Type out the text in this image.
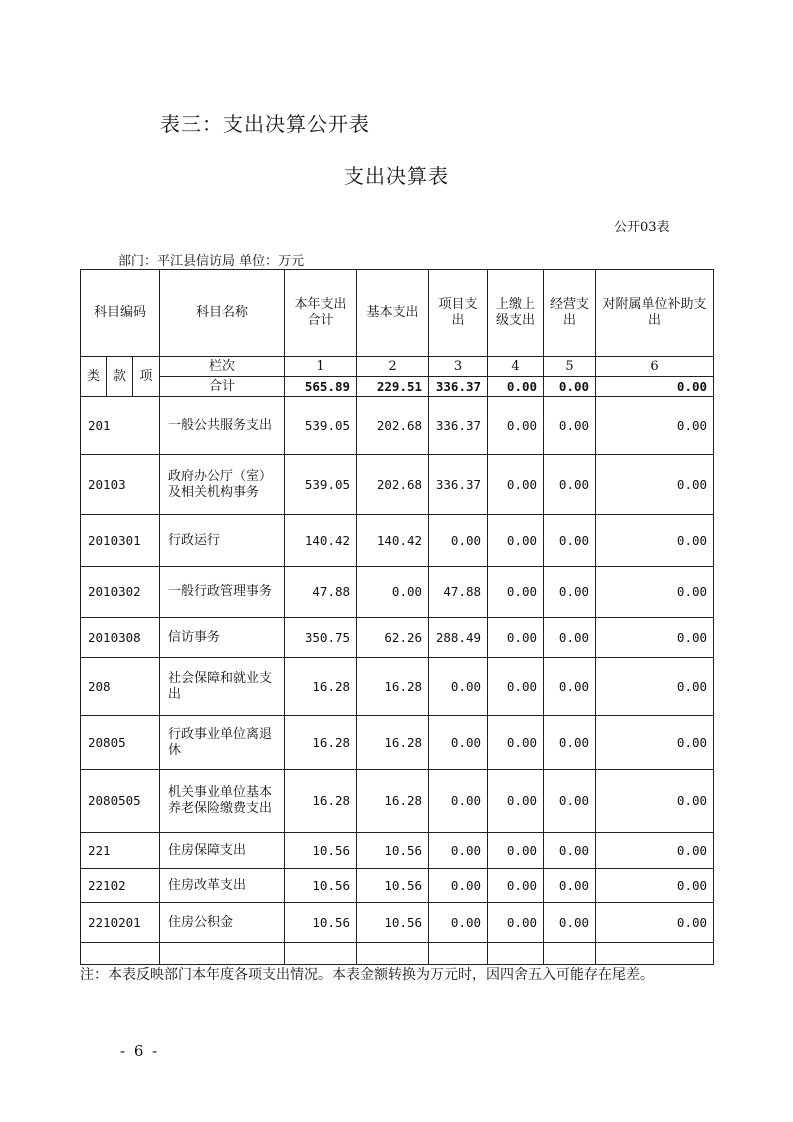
表三：支出决算公开表
支出决算表
公开03表
部门：平江县信访局 单位：万元
科目编码			科目名称	本年支出合计	基本支出	项目支出	上缴上级支出	经营支出	对附属单位补助支出
类	款	项	栏次	1	2	3	4	5	6
			合计	565.89	229.51	336.37	0.00	0.00	0.00
201			一般公共服务支出	539.05	202.68	336.37	0.00	0.00	0.00
20103			政府办公厅（室）及相关机构事务	539.05	202.68	336.37	0.00	0.00	0.00
2010301			行政运行	140.42	140.42	0.00	0.00	0.00	0.00
2010302			一般行政管理事务	47.88	0.00	47.88	0.00	0.00	0.00
2010308			信访事务	350.75	62.26	288.49	0.00	0.00	0.00
208			社会保障和就业支出	16.28	16.28	0.00	0.00	0.00	0.00
20805			行政事业单位离退休	16.28	16.28	0.00	0.00	0.00	0.00
2080505			机关事业单位基本养老保险缴费支出	16.28	16.28	0.00	0.00	0.00	0.00
221			住房保障支出	10.56	10.56	0.00	0.00	0.00	0.00
22102			住房改革支出	10.56	10.56	0.00	0.00	0.00	0.00
2210201			住房公积金	10.56	10.56	0.00	0.00	0.00	0.00

注：本表反映部门本年度各项支出情况。本表金额转换为万元时，因四舍五入可能存在尾差。
- 6 -
